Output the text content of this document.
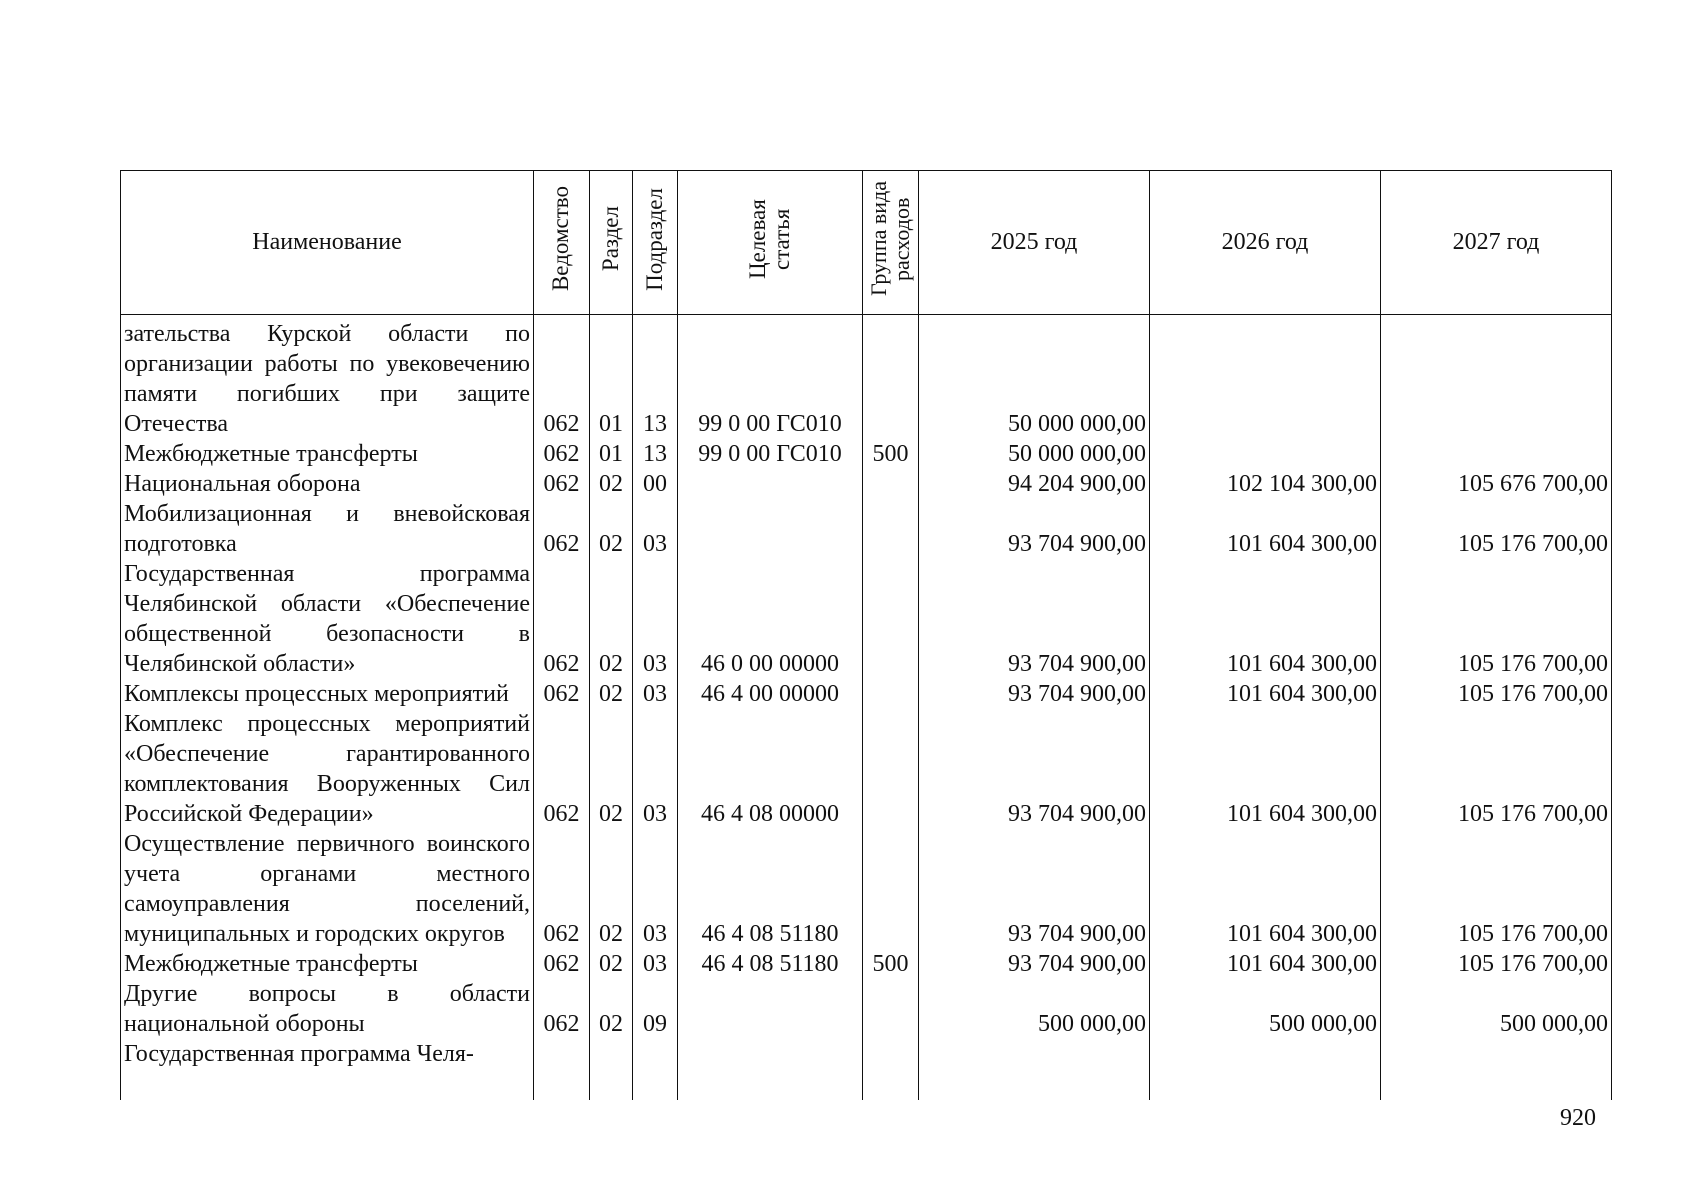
Наименование	Ведомство	Раздел	Подраздел	Целевая статья	Группа вида расходов	2025 год	2026 год	2027 год
зательства Курской области по организации работы по увековечению памяти погибших при защите Отечества	062	01	13	99 0 00 ГС010		50 000 000,00		
Межбюджетные трансферты	062	01	13	99 0 00 ГС010	500	50 000 000,00		
Национальная оборона	062	02	00			94 204 900,00	102 104 300,00	105 676 700,00
Мобилизационная и вневойсковая подготовка	062	02	03			93 704 900,00	101 604 300,00	105 176 700,00
Государственная программа Челябинской области «Обеспечение общественной безопасности в Челябинской области»	062	02	03	46 0 00 00000		93 704 900,00	101 604 300,00	105 176 700,00
Комплексы процессных мероприятий	062	02	03	46 4 00 00000		93 704 900,00	101 604 300,00	105 176 700,00
Комплекс процессных мероприятий «Обеспечение гарантированного комплектования Вооруженных Сил Российской Федерации»	062	02	03	46 4 08 00000		93 704 900,00	101 604 300,00	105 176 700,00
Осуществление первичного воинского учета органами местного самоуправления поселений, муниципальных и городских округов	062	02	03	46 4 08 51180		93 704 900,00	101 604 300,00	105 176 700,00
Межбюджетные трансферты	062	02	03	46 4 08 51180	500	93 704 900,00	101 604 300,00	105 176 700,00
Другие вопросы в области национальной обороны	062	02	09			500 000,00	500 000,00	500 000,00
Государственная программа Челя-								

920
